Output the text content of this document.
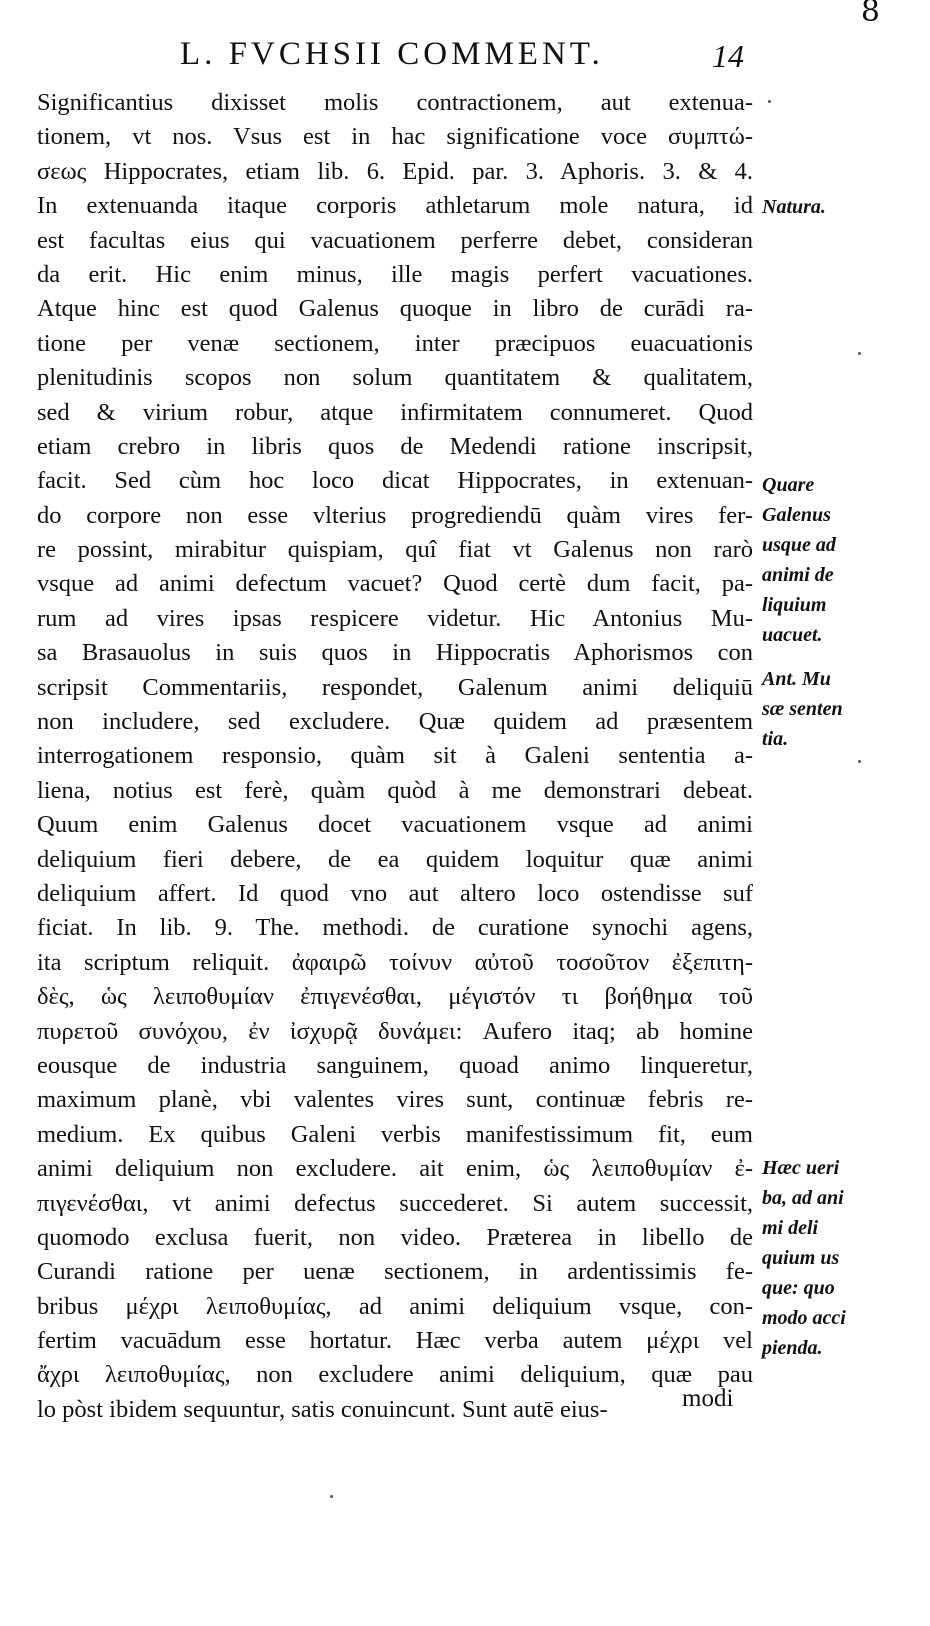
8
L. FVCHSII COMMENT.	14
Significantius dixisset molis contractionem, aut extenua-
tionem, vt nos. Vsus est in hac significatione voce συμπτώ-
σεως Hippocrates, etiam lib. 6. Epid. par. 3. Aphoris. 3. & 4.
In extenuanda itaque corporis athletarum mole natura, id
est facultas eius qui vacuationem perferre debet, consideran
da erit. Hic enim minus, ille magis perfert vacuationes.
Atque hinc est quod Galenus quoque in libro de curādi ra-
tione per venæ sectionem, inter præcipuos euacuationis
plenitudinis scopos non solum quantitatem & qualitatem,
sed & virium robur, atque infirmitatem connumeret. Quod
etiam crebro in libris quos de Medendi ratione inscripsit,
facit. Sed cùm hoc loco dicat Hippocrates, in extenuan-
do corpore non esse vlterius progrediendū quàm vires fer-
re possint, mirabitur quispiam, quî fiat vt Galenus non rarò
vsque ad animi defectum vacuet? Quod certè dum facit, pa-
rum ad vires ipsas respicere videtur. Hic Antonius Mu-
sa Brasauolus in suis quos in Hippocratis Aphorismos con
scripsit Commentariis, respondet, Galenum animi deliquiū
non includere, sed excludere. Quæ quidem ad præsentem
interrogationem responsio, quàm sit à Galeni sententia a-
liena, notius est ferè, quàm quòd à me demonstrari debeat.
Quum enim Galenus docet vacuationem vsque ad animi
deliquium fieri debere, de ea quidem loquitur quæ animi
deliquium affert. Id quod vno aut altero loco ostendisse suf
ficiat. In lib. 9. The. methodi. de curatione synochi agens,
ita scriptum reliquit. ἀφαιρῶ τοίνυν αὐτοῦ τοσοῦτον ἐξεπιτη-
δὲς, ὡς λειποθυμίαν ἐπιγενέσθαι, μέγιστόν τι βοήθημα τοῦ
πυρετοῦ συνόχου, ἐν ἰσχυρᾷ δυνάμει: Aufero itaq; ab homine
eousque de industria sanguinem, quoad animo linqueretur,
maximum planè, vbi valentes vires sunt, continuæ febris re-
medium. Ex quibus Galeni verbis manifestissimum fit, eum
animi deliquium non excludere. ait enim, ὡς λειποθυμίαν ἐ-
πιγενέσθαι, vt animi defectus succederet. Si autem successit,
quomodo exclusa fuerit, non video. Præterea in libello de
Curandi ratione per uenæ sectionem, in ardentissimis fe-
bribus μέχρι λειποθυμίας, ad animi deliquium vsque, con-
fertim vacuādum esse hortatur. Hæc verba autem μέχρι vel
ἄχρι λειποθυμίας, non excludere animi deliquium, quæ pau
lo pòst ibidem sequuntur, satis conuincunt. Sunt autē eius-
Natura.
Quare
Galenus
usque ad
animi de
liquium
uacuet.
Ant. Mu
sæ senten
tia.
Hæc ueri
ba, ad ani
mi deli
quium us
que: quo
modo acci
pienda.
modi
